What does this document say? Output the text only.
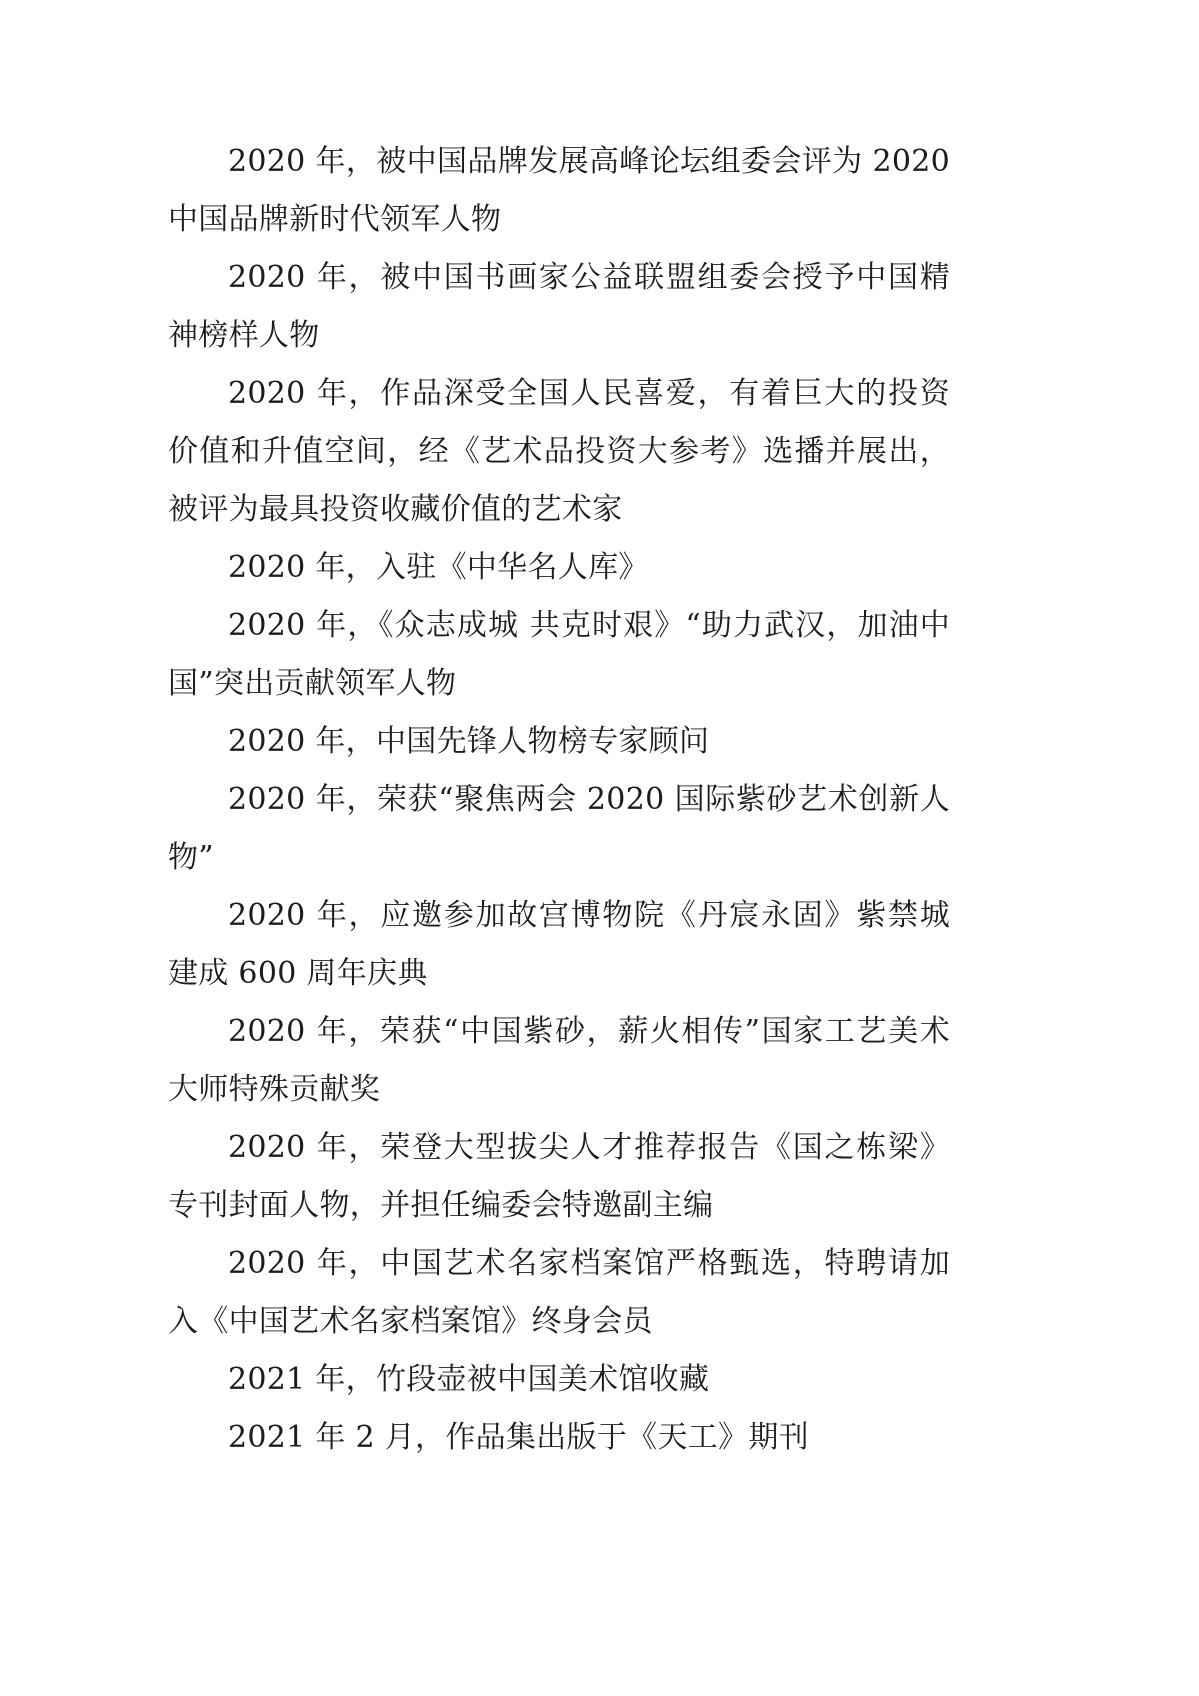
2020 年，被中国品牌发展高峰论坛组委会评为 2020 中国品牌新时代领军人物

2020 年，被中国书画家公益联盟组委会授予中国精神榜样人物

2020 年，作品深受全国人民喜爱，有着巨大的投资价值和升值空间，经《艺术品投资大参考》选播并展出，被评为最具投资收藏价值的艺术家

2020 年，入驻《中华名人库》

2020 年，《众志成城 共克时艰》“助力武汉，加油中国”突出贡献领军人物

2020 年，中国先锋人物榜专家顾问

2020 年，荣获“聚焦两会 2020 国际紫砂艺术创新人物”

2020 年，应邀参加故宫博物院《丹宸永固》紫禁城建成 600 周年庆典

2020 年，荣获“中国紫砂，薪火相传”国家工艺美术大师特殊贡献奖

2020 年，荣登大型拔尖人才推荐报告《国之栋梁》专刊封面人物，并担任编委会特邀副主编

2020 年，中国艺术名家档案馆严格甄选，特聘请加入《中国艺术名家档案馆》终身会员

2021 年，竹段壶被中国美术馆收藏

2021 年 2 月，作品集出版于《天工》期刊
